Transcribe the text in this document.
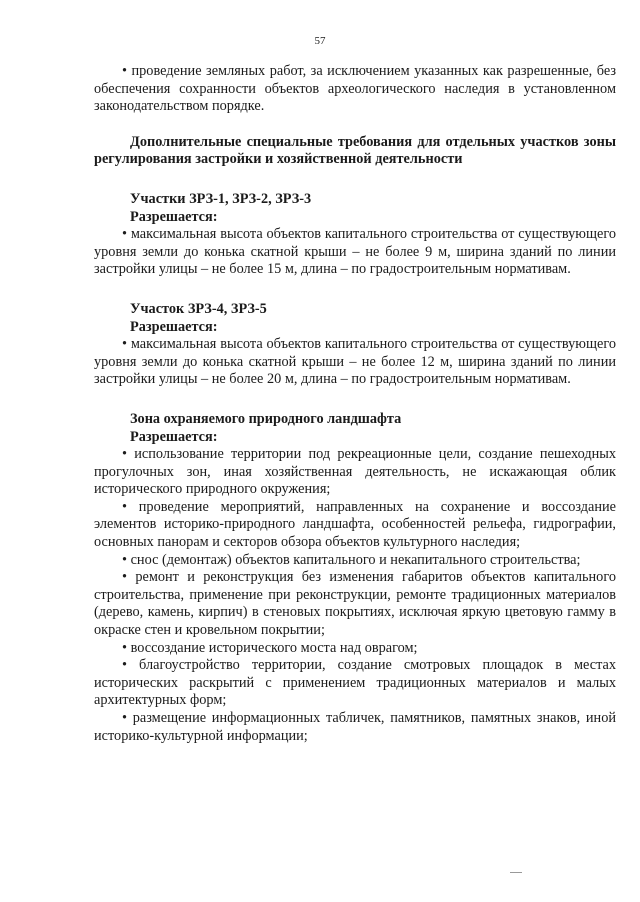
57

• проведение земляных работ, за исключением указанных как разрешенные, без обеспечения сохранности объектов археологического наследия в установленном законодательством порядке.

Дополнительные специальные требования для отдельных участков зоны регулирования застройки и хозяйственной деятельности

Участки ЗРЗ-1, ЗРЗ-2, ЗРЗ-3

Разрешается:

• максимальная высота объектов капитального строительства от существующего уровня земли до конька скатной крыши – не более 9 м, ширина зданий по линии застройки улицы – не более 15 м, длина – по градостроительным нормативам.

Участок ЗРЗ-4, ЗРЗ-5

Разрешается:

• максимальная высота объектов капитального строительства от существующего уровня земли до конька скатной крыши – не более 12 м, ширина зданий по линии застройки улицы – не более 20 м, длина – по градостроительным нормативам.

Зона охраняемого природного ландшафта

Разрешается:

• использование территории под рекреационные цели, создание пешеходных прогулочных зон, иная хозяйственная деятельность, не искажающая облик исторического природного окружения;

• проведение мероприятий, направленных на сохранение и воссоздание элементов историко-природного ландшафта, особенностей рельефа, гидрографии, основных панорам и секторов обзора объектов культурного наследия;

• снос (демонтаж) объектов капитального и некапитального строительства;

• ремонт и реконструкция без изменения габаритов объектов капитального строительства, применение при реконструкции, ремонте традиционных материалов (дерево, камень, кирпич) в стеновых покрытиях, исключая яркую цветовую гамму в окраске стен и кровельном покрытии;

• воссоздание исторического моста над оврагом;

• благоустройство территории, создание смотровых площадок в местах исторических раскрытий с применением традиционных материалов и малых архитектурных форм;

• размещение информационных табличек, памятников, памятных знаков, иной историко-культурной информации;
